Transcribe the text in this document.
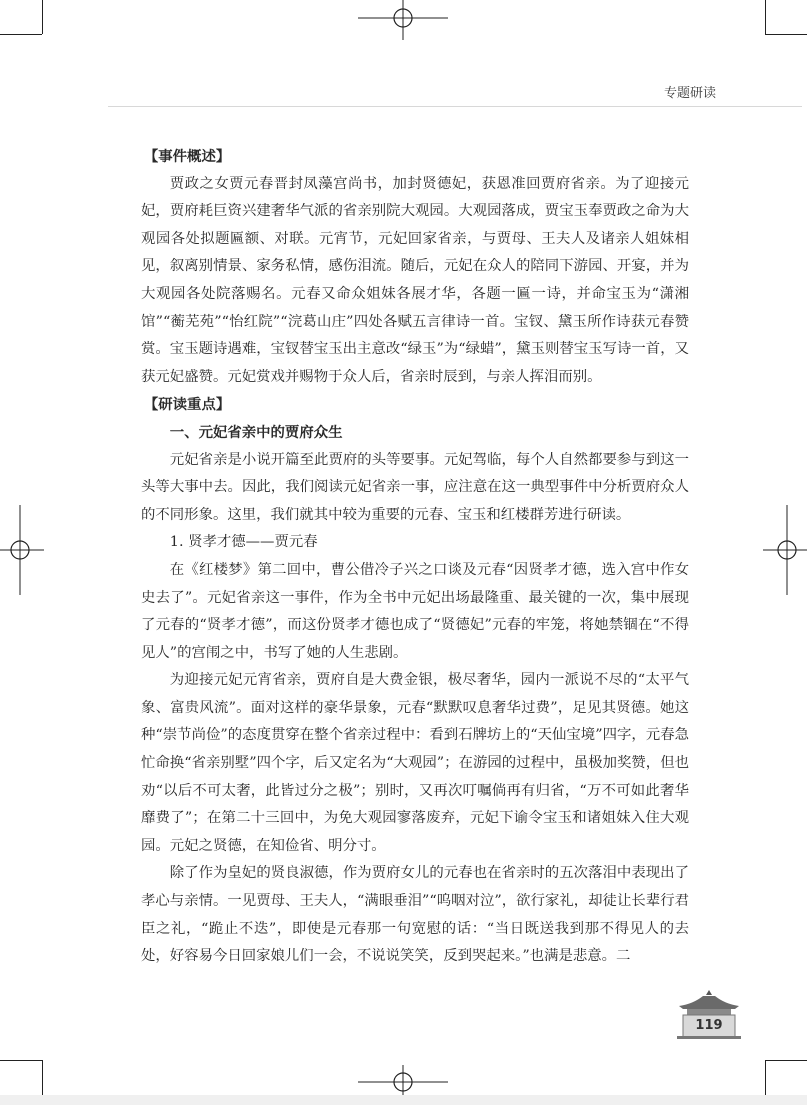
专题研读
【事件概述】

贾政之女贾元春晋封凤藻宫尚书，加封贤德妃，获恩准回贾府省亲。为了迎接元妃，贾府耗巨资兴建奢华气派的省亲别院大观园。大观园落成，贾宝玉奉贾政之命为大观园各处拟题匾额、对联。元宵节，元妃回家省亲，与贾母、王夫人及诸亲人姐妹相见，叙离别情景、家务私情，感伤泪流。随后，元妃在众人的陪同下游园、开宴，并为大观园各处院落赐名。元春又命众姐妹各展才华，各题一匾一诗，并命宝玉为“潇湘馆”“蘅芜苑”“怡红院”“浣葛山庄”四处各赋五言律诗一首。宝钗、黛玉所作诗获元春赞赏。宝玉题诗遇难，宝钗替宝玉出主意改“绿玉”为“绿蜡”，黛玉则替宝玉写诗一首，又获元妃盛赞。元妃赏戏并赐物于众人后，省亲时辰到，与亲人挥泪而别。

【研读重点】
一、元妃省亲中的贾府众生

元妃省亲是小说开篇至此贾府的头等要事。元妃驾临，每个人自然都要参与到这一头等大事中去。因此，我们阅读元妃省亲一事，应注意在这一典型事件中分析贾府众人的不同形象。这里，我们就其中较为重要的元春、宝玉和红楼群芳进行研读。

1. 贤孝才德——贾元春

在《红楼梦》第二回中，曹公借冷子兴之口谈及元春“因贤孝才德，选入宫中作女史去了”。元妃省亲这一事件，作为全书中元妃出场最隆重、最关键的一次，集中展现了元春的“贤孝才德”，而这份贤孝才德也成了“贤德妃”元春的牢笼，将她禁锢在“不得见人”的宫闱之中，书写了她的人生悲剧。

为迎接元妃元宵省亲，贾府自是大费金银，极尽奢华，园内一派说不尽的“太平气象、富贵风流”。面对这样的豪华景象，元春“默默叹息奢华过费”，足见其贤德。她这种“崇节尚俭”的态度贯穿在整个省亲过程中：看到石牌坊上的“天仙宝境”四字，元春急忙命换“省亲别墅”四个字，后又定名为“大观园”；在游园的过程中，虽极加奖赞，但也劝“以后不可太奢，此皆过分之极”；别时，又再次叮嘱倘再有归省，“万不可如此奢华靡费了”；在第二十三回中，为免大观园寥落废弃，元妃下谕令宝玉和诸姐妹入住大观园。元妃之贤德，在知俭省、明分寸。

除了作为皇妃的贤良淑德，作为贾府女儿的元春也在省亲时的五次落泪中表现出了孝心与亲情。一见贾母、王夫人，“满眼垂泪”“呜咽对泣”，欲行家礼，却徒让长辈行君臣之礼，“跪止不迭”，即使是元春那一句宽慰的话：“当日既送我到那不得见人的去处，好容易今日回家娘儿们一会，不说说笑笑，反到哭起来。”也满是悲意。二

119
